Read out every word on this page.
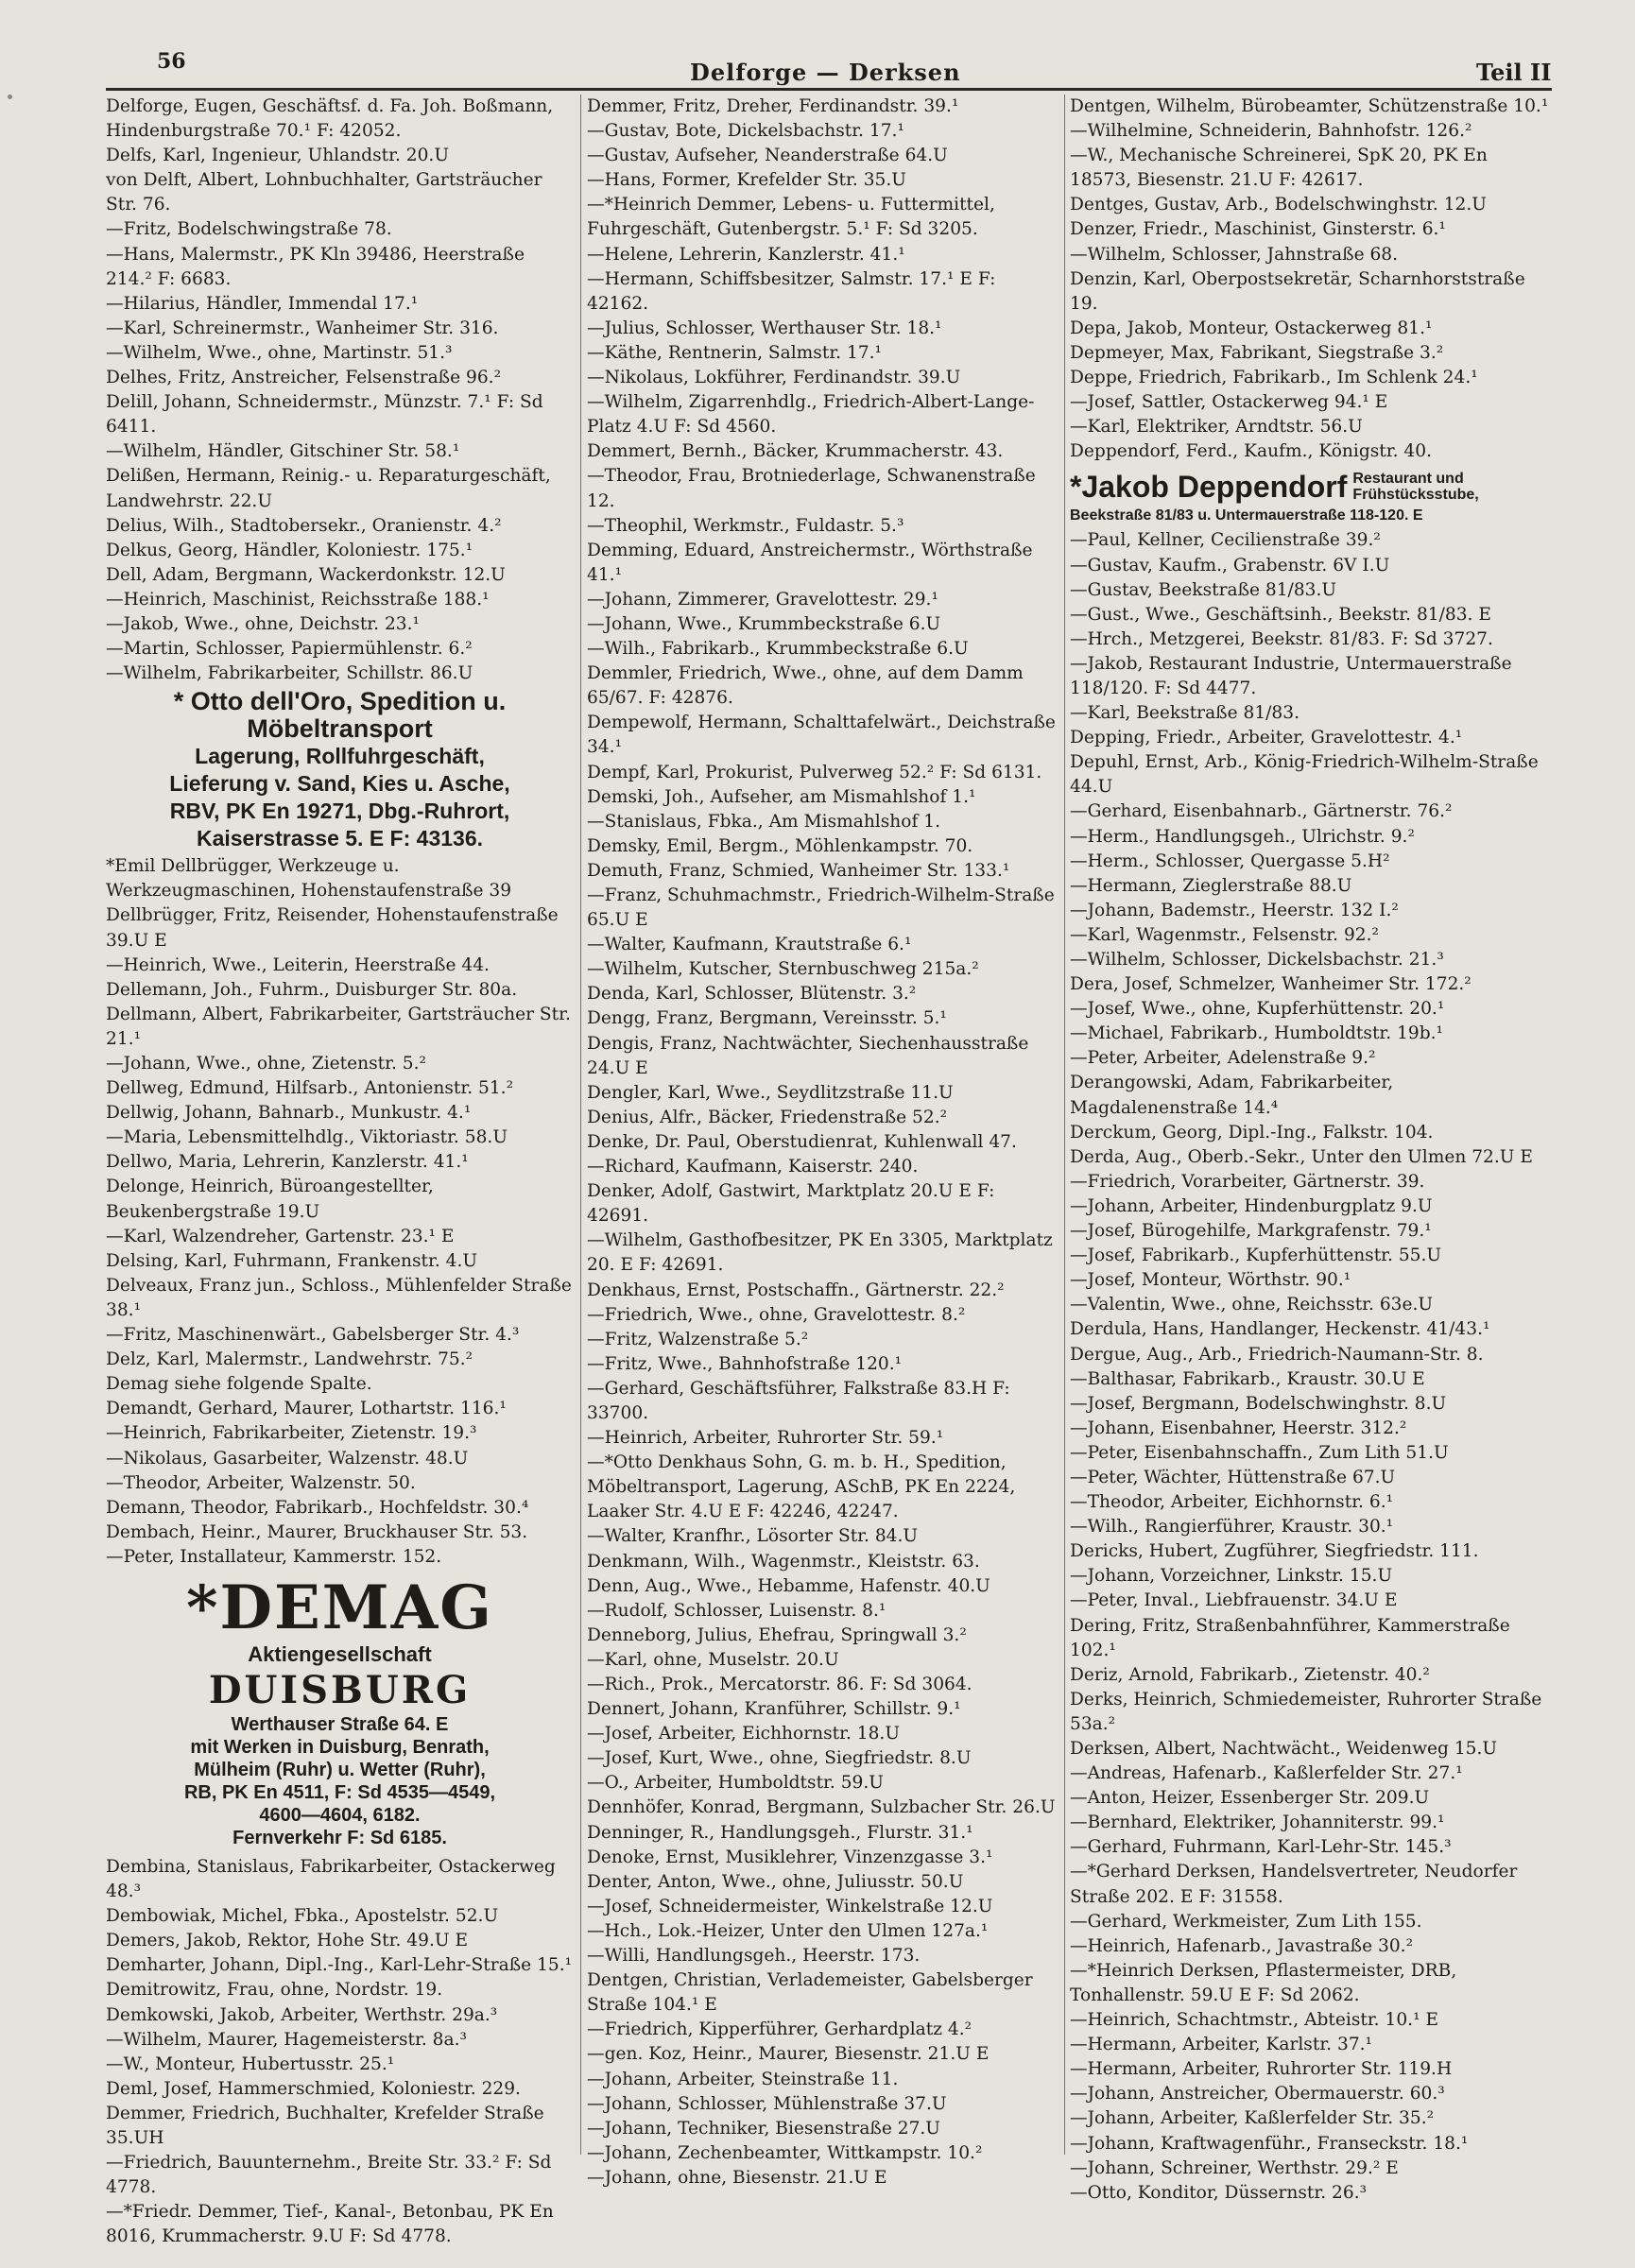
56	Delforge — Derksen	Teil II

Delforge, Eugen, Geschäftsf. d. Fa. Joh. Boßmann, Hindenburgstraße 70.¹ F: 42052.

Delfs, Karl, Ingenieur, Uhlandstr. 20.U

von Delft, Albert, Lohnbuchhalter, Gartsträucher Str. 76.

—Fritz, Bodelschwingstraße 78.

—Hans, Malermstr., PK Kln 39486, Heerstraße 214.² F: 6683.

—Hilarius, Händler, Immendal 17.¹

—Karl, Schreinermstr., Wanheimer Str. 316.

—Wilhelm, Wwe., ohne, Martinstr. 51.³

Delhes, Fritz, Anstreicher, Felsenstraße 96.²

Delill, Johann, Schneidermstr., Münzstr. 7.¹ F: Sd 6411.

—Wilhelm, Händler, Gitschiner Str. 58.¹

Delißen, Hermann, Reinig.- u. Reparaturgeschäft, Landwehrstr. 22.U

Delius, Wilh., Stadtobersekr., Oranienstr. 4.²

Delkus, Georg, Händler, Koloniestr. 175.¹

Dell, Adam, Bergmann, Wackerdonkstr. 12.U

—Heinrich, Maschinist, Reichsstraße 188.¹

—Jakob, Wwe., ohne, Deichstr. 23.¹

—Martin, Schlosser, Papiermühlenstr. 6.²

—Wilhelm, Fabrikarbeiter, Schillstr. 86.U

* Otto dell'Oro, Spedition u. Möbeltransport
Lagerung, Rollfuhrgeschäft,
Lieferung v. Sand, Kies u. Asche,
RBV, PK En 19271, Dbg.-Ruhrort,
Kaiserstrasse 5. E F: 43136.

*Emil Dellbrügger, Werkzeuge u. Werkzeugmaschinen, Hohenstaufenstraße 39

Dellbrügger, Fritz, Reisender, Hohenstaufenstraße 39.U E

—Heinrich, Wwe., Leiterin, Heerstraße 44.

Dellemann, Joh., Fuhrm., Duisburger Str. 80a.

Dellmann, Albert, Fabrikarbeiter, Gartsträucher Str. 21.¹

—Johann, Wwe., ohne, Zietenstr. 5.²

Dellweg, Edmund, Hilfsarb., Antonienstr. 51.²

Dellwig, Johann, Bahnarb., Munkustr. 4.¹

—Maria, Lebensmittelhdlg., Viktoriastr. 58.U

Dellwo, Maria, Lehrerin, Kanzlerstr. 41.¹

Delonge, Heinrich, Büroangestellter, Beukenbergstraße 19.U

—Karl, Walzendreher, Gartenstr. 23.¹ E

Delsing, Karl, Fuhrmann, Frankenstr. 4.U

Delveaux, Franz jun., Schloss., Mühlenfelder Straße 38.¹

—Fritz, Maschinenwärt., Gabelsberger Str. 4.³

Delz, Karl, Malermstr., Landwehrstr. 75.²

Demag siehe folgende Spalte.

Demandt, Gerhard, Maurer, Lothartstr. 116.¹

—Heinrich, Fabrikarbeiter, Zietenstr. 19.³

—Nikolaus, Gasarbeiter, Walzenstr. 48.U

—Theodor, Arbeiter, Walzenstr. 50.

Demann, Theodor, Fabrikarb., Hochfeldstr. 30.⁴

Dembach, Heinr., Maurer, Bruckhauser Str. 53.

—Peter, Installateur, Kammerstr. 152.

*DEMAG
Aktiengesellschaft
DUISBURG
Werthauser Straße 64. E
mit Werken in Duisburg, Benrath,
Mülheim (Ruhr) u. Wetter (Ruhr),
RB, PK En 4511, F: Sd 4535—4549,
4600—4604, 6182.
Fernverkehr F: Sd 6185.

Dembina, Stanislaus, Fabrikarbeiter, Ostackerweg 48.³

Dembowiak, Michel, Fbka., Apostelstr. 52.U

Demers, Jakob, Rektor, Hohe Str. 49.U E

Demharter, Johann, Dipl.-Ing., Karl-Lehr-Straße 15.¹

Demitrowitz, Frau, ohne, Nordstr. 19.

Demkowski, Jakob, Arbeiter, Werthstr. 29a.³

—Wilhelm, Maurer, Hagemeisterstr. 8a.³

—W., Monteur, Hubertusstr. 25.¹

Deml, Josef, Hammerschmied, Koloniestr. 229.

Demmer, Friedrich, Buchhalter, Krefelder Straße 35.UH

—Friedrich, Bauunternehm., Breite Str. 33.² F: Sd 4778.

—*Friedr. Demmer, Tief-, Kanal-, Betonbau, PK En 8016, Krummacherstr. 9.U F: Sd 4778.

Demmer, Fritz, Dreher, Ferdinandstr. 39.¹

—Gustav, Bote, Dickelsbachstr. 17.¹

—Gustav, Aufseher, Neanderstraße 64.U

—Hans, Former, Krefelder Str. 35.U

—*Heinrich Demmer, Lebens- u. Futtermittel, Fuhrgeschäft, Gutenbergstr. 5.¹ F: Sd 3205.

—Helene, Lehrerin, Kanzlerstr. 41.¹

—Hermann, Schiffsbesitzer, Salmstr. 17.¹ E F: 42162.

—Julius, Schlosser, Werthauser Str. 18.¹

—Käthe, Rentnerin, Salmstr. 17.¹

—Nikolaus, Lokführer, Ferdinandstr. 39.U

—Wilhelm, Zigarrenhdlg., Friedrich-Albert-Lange-Platz 4.U F: Sd 4560.

Demmert, Bernh., Bäcker, Krummacherstr. 43.

—Theodor, Frau, Brotniederlage, Schwanenstraße 12.

—Theophil, Werkmstr., Fuldastr. 5.³

Demming, Eduard, Anstreichermstr., Wörthstraße 41.¹

—Johann, Zimmerer, Gravelottestr. 29.¹

—Johann, Wwe., Krummbeckstraße 6.U

—Wilh., Fabrikarb., Krummbeckstraße 6.U

Demmler, Friedrich, Wwe., ohne, auf dem Damm 65/67. F: 42876.

Dempewolf, Hermann, Schalttafelwärt., Deichstraße 34.¹

Dempf, Karl, Prokurist, Pulverweg 52.² F: Sd 6131.

Demski, Joh., Aufseher, am Mismahlshof 1.¹

—Stanislaus, Fbka., Am Mismahlshof 1.

Demsky, Emil, Bergm., Möhlenkampstr. 70.

Demuth, Franz, Schmied, Wanheimer Str. 133.¹

—Franz, Schuhmachmstr., Friedrich-Wilhelm-Straße 65.U E

—Walter, Kaufmann, Krautstraße 6.¹

—Wilhelm, Kutscher, Sternbuschweg 215a.²

Denda, Karl, Schlosser, Blütenstr. 3.²

Dengg, Franz, Bergmann, Vereinsstr. 5.¹

Dengis, Franz, Nachtwächter, Siechenhausstraße 24.U E

Dengler, Karl, Wwe., Seydlitzstraße 11.U

Denius, Alfr., Bäcker, Friedenstraße 52.²

Denke, Dr. Paul, Oberstudienrat, Kuhlenwall 47.

—Richard, Kaufmann, Kaiserstr. 240.

Denker, Adolf, Gastwirt, Marktplatz 20.U E F: 42691.

—Wilhelm, Gasthofbesitzer, PK En 3305, Marktplatz 20. E F: 42691.

Denkhaus, Ernst, Postschaffn., Gärtnerstr. 22.²

—Friedrich, Wwe., ohne, Gravelottestr. 8.²

—Fritz, Walzenstraße 5.²

—Fritz, Wwe., Bahnhofstraße 120.¹

—Gerhard, Geschäftsführer, Falkstraße 83.H F: 33700.

—Heinrich, Arbeiter, Ruhrorter Str. 59.¹

—*Otto Denkhaus Sohn, G. m. b. H., Spedition, Möbeltransport, Lagerung, ASchB, PK En 2224, Laaker Str. 4.U E F: 42246, 42247.

—Walter, Kranfhr., Lösorter Str. 84.U

Denkmann, Wilh., Wagenmstr., Kleiststr. 63.

Denn, Aug., Wwe., Hebamme, Hafenstr. 40.U

—Rudolf, Schlosser, Luisenstr. 8.¹

Denneborg, Julius, Ehefrau, Springwall 3.²

—Karl, ohne, Muselstr. 20.U

—Rich., Prok., Mercatorstr. 86. F: Sd 3064.

Dennert, Johann, Kranführer, Schillstr. 9.¹

—Josef, Arbeiter, Eichhornstr. 18.U

—Josef, Kurt, Wwe., ohne, Siegfriedstr. 8.U

—O., Arbeiter, Humboldtstr. 59.U

Dennhöfer, Konrad, Bergmann, Sulzbacher Str. 26.U

Denninger, R., Handlungsgeh., Flurstr. 31.¹

Denoke, Ernst, Musiklehrer, Vinzenzgasse 3.¹

Denter, Anton, Wwe., ohne, Juliusstr. 50.U

—Josef, Schneidermeister, Winkelstraße 12.U

—Hch., Lok.-Heizer, Unter den Ulmen 127a.¹

—Willi, Handlungsgeh., Heerstr. 173.

Dentgen, Christian, Verlademeister, Gabelsberger Straße 104.¹ E

—Friedrich, Kipperführer, Gerhardplatz 4.²

—gen. Koz, Heinr., Maurer, Biesenstr. 21.U E

—Johann, Arbeiter, Steinstraße 11.

—Johann, Schlosser, Mühlenstraße 37.U

—Johann, Techniker, Biesenstraße 27.U

—Johann, Zechenbeamter, Wittkampstr. 10.²

—Johann, ohne, Biesenstr. 21.U E

Dentgen, Wilhelm, Bürobeamter, Schützenstraße 10.¹

—Wilhelmine, Schneiderin, Bahnhofstr. 126.²

—W., Mechanische Schreinerei, SpK 20, PK En 18573, Biesenstr. 21.U F: 42617.

Dentges, Gustav, Arb., Bodelschwinghstr. 12.U

Denzer, Friedr., Maschinist, Ginsterstr. 6.¹

—Wilhelm, Schlosser, Jahnstraße 68.

Denzin, Karl, Oberpostsekretär, Scharnhorststraße 19.

Depa, Jakob, Monteur, Ostackerweg 81.¹

Depmeyer, Max, Fabrikant, Siegstraße 3.²

Deppe, Friedrich, Fabrikarb., Im Schlenk 24.¹

—Josef, Sattler, Ostackerweg 94.¹ E

—Karl, Elektriker, Arndtstr. 56.U

Deppendorf, Ferd., Kaufm., Königstr. 40.

*Jakob Deppendorf Restaurant und
Frühstücksstube,
Beekstraße 81/83 u. Untermauerstraße 118-120. E

—Paul, Kellner, Cecilienstraße 39.²

—Gustav, Kaufm., Grabenstr. 6V I.U

—Gustav, Beekstraße 81/83.U

—Gust., Wwe., Geschäftsinh., Beekstr. 81/83. E

—Hrch., Metzgerei, Beekstr. 81/83. F: Sd 3727.

—Jakob, Restaurant Industrie, Untermauerstraße 118/120. F: Sd 4477.

—Karl, Beekstraße 81/83.

Depping, Friedr., Arbeiter, Gravelottestr. 4.¹

Depuhl, Ernst, Arb., König-Friedrich-Wilhelm-Straße 44.U

—Gerhard, Eisenbahnarb., Gärtnerstr. 76.²

—Herm., Handlungsgeh., Ulrichstr. 9.²

—Herm., Schlosser, Quergasse 5.H²

—Hermann, Zieglerstraße 88.U

—Johann, Bademstr., Heerstr. 132 I.²

—Karl, Wagenmstr., Felsenstr. 92.²

—Wilhelm, Schlosser, Dickelsbachstr. 21.³

Dera, Josef, Schmelzer, Wanheimer Str. 172.²

—Josef, Wwe., ohne, Kupferhüttenstr. 20.¹

—Michael, Fabrikarb., Humboldtstr. 19b.¹

—Peter, Arbeiter, Adelenstraße 9.²

Derangowski, Adam, Fabrikarbeiter, Magdalenenstraße 14.⁴

Derckum, Georg, Dipl.-Ing., Falkstr. 104.

Derda, Aug., Oberb.-Sekr., Unter den Ulmen 72.U E

—Friedrich, Vorarbeiter, Gärtnerstr. 39.

—Johann, Arbeiter, Hindenburgplatz 9.U

—Josef, Bürogehilfe, Markgrafenstr. 79.¹

—Josef, Fabrikarb., Kupferhüttenstr. 55.U

—Josef, Monteur, Wörthstr. 90.¹

—Valentin, Wwe., ohne, Reichsstr. 63e.U

Derdula, Hans, Handlanger, Heckenstr. 41/43.¹

Dergue, Aug., Arb., Friedrich-Naumann-Str. 8.

—Balthasar, Fabrikarb., Kraustr. 30.U E

—Josef, Bergmann, Bodelschwinghstr. 8.U

—Johann, Eisenbahner, Heerstr. 312.²

—Peter, Eisenbahnschaffn., Zum Lith 51.U

—Peter, Wächter, Hüttenstraße 67.U

—Theodor, Arbeiter, Eichhornstr. 6.¹

—Wilh., Rangierführer, Kraustr. 30.¹

Dericks, Hubert, Zugführer, Siegfriedstr. 111.

—Johann, Vorzeichner, Linkstr. 15.U

—Peter, Inval., Liebfrauenstr. 34.U E

Dering, Fritz, Straßenbahnführer, Kammerstraße 102.¹

Deriz, Arnold, Fabrikarb., Zietenstr. 40.²

Derks, Heinrich, Schmiedemeister, Ruhrorter Straße 53a.²

Derksen, Albert, Nachtwächt., Weidenweg 15.U

—Andreas, Hafenarb., Kaßlerfelder Str. 27.¹

—Anton, Heizer, Essenberger Str. 209.U

—Bernhard, Elektriker, Johanniterstr. 99.¹

—Gerhard, Fuhrmann, Karl-Lehr-Str. 145.³

—*Gerhard Derksen, Handelsvertreter, Neudorfer Straße 202. E F: 31558.

—Gerhard, Werkmeister, Zum Lith 155.

—Heinrich, Hafenarb., Javastraße 30.²

—*Heinrich Derksen, Pflastermeister, DRB, Tonhallenstr. 59.U E F: Sd 2062.

—Heinrich, Schachtmstr., Abteistr. 10.¹ E

—Hermann, Arbeiter, Karlstr. 37.¹

—Hermann, Arbeiter, Ruhrorter Str. 119.H

—Johann, Anstreicher, Obermauerstr. 60.³

—Johann, Arbeiter, Kaßlerfelder Str. 35.²

—Johann, Kraftwagenführ., Franseckstr. 18.¹

—Johann, Schreiner, Werthstr. 29.² E

—Otto, Konditor, Düssernstr. 26.³
